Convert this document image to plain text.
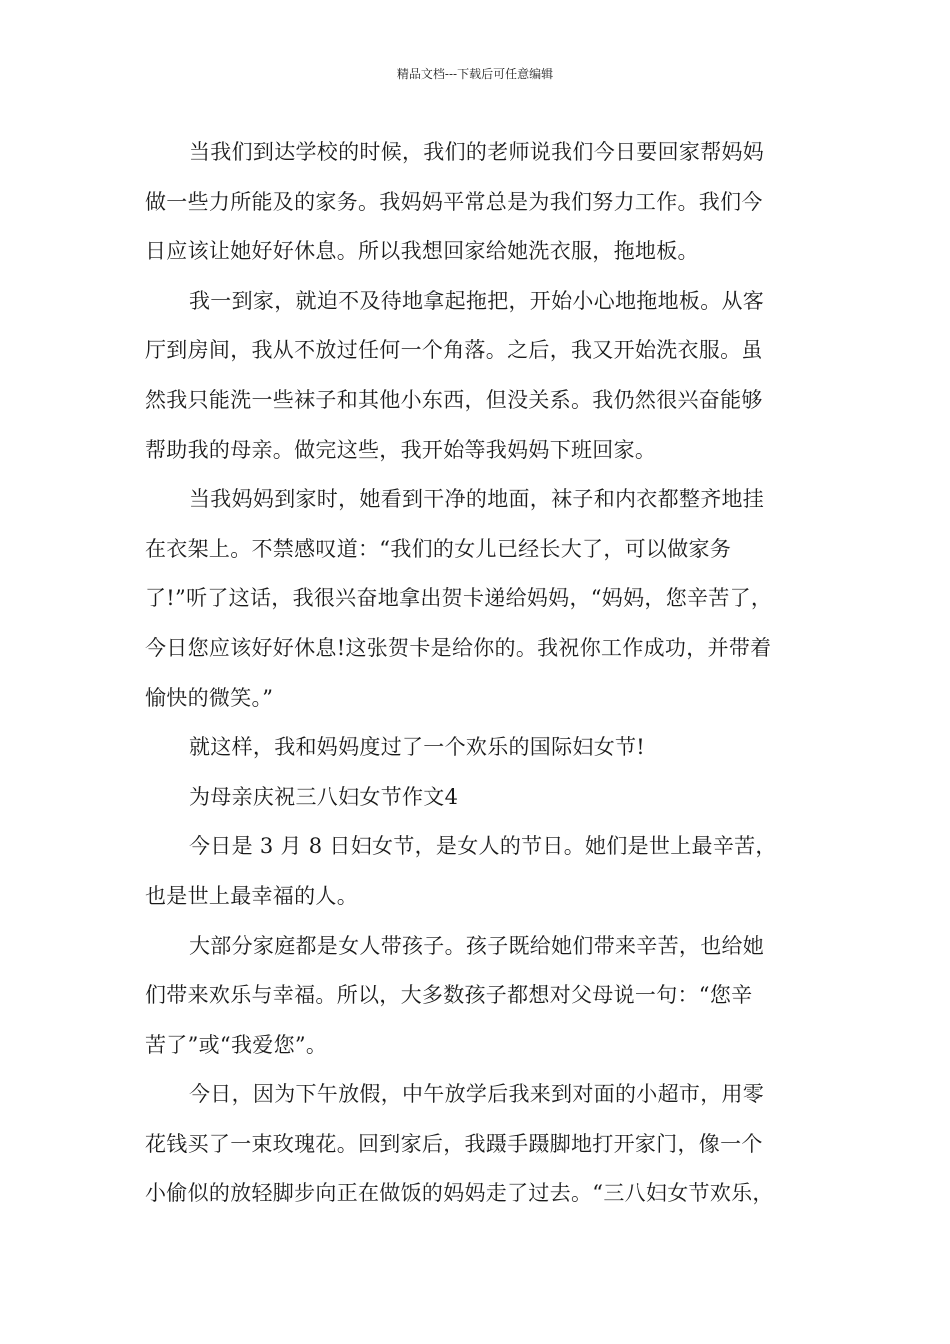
精品文档---下载后可任意编辑
当我们到达学校的时候，我们的老师说我们今日要回家帮妈妈
做一些力所能及的家务。我妈妈平常总是为我们努力工作。我们今
日应该让她好好休息。所以我想回家给她洗衣服，拖地板。
我一到家，就迫不及待地拿起拖把，开始小心地拖地板。从客
厅到房间，我从不放过任何一个角落。之后，我又开始洗衣服。虽
然我只能洗一些袜子和其他小东西，但没关系。我仍然很兴奋能够
帮助我的母亲。做完这些，我开始等我妈妈下班回家。
当我妈妈到家时，她看到干净的地面，袜子和内衣都整齐地挂
在衣架上。不禁感叹道：“我们的女儿已经长大了，可以做家务
了!”听了这话，我很兴奋地拿出贺卡递给妈妈，“妈妈，您辛苦了，
今日您应该好好休息!这张贺卡是给你的。我祝你工作成功，并带着
愉快的微笑。”
就这样，我和妈妈度过了一个欢乐的国际妇女节!
为母亲庆祝三八妇女节作文4
今日是 3 月 8 日妇女节，是女人的节日。她们是世上最辛苦，
也是世上最幸福的人。
大部分家庭都是女人带孩子。孩子既给她们带来辛苦，也给她
们带来欢乐与幸福。所以，大多数孩子都想对父母说一句：“您辛
苦了”或“我爱您”。
今日，因为下午放假，中午放学后我来到对面的小超市，用零
花钱买了一束玫瑰花。回到家后，我蹑手蹑脚地打开家门，像一个
小偷似的放轻脚步向正在做饭的妈妈走了过去。“三八妇女节欢乐，
